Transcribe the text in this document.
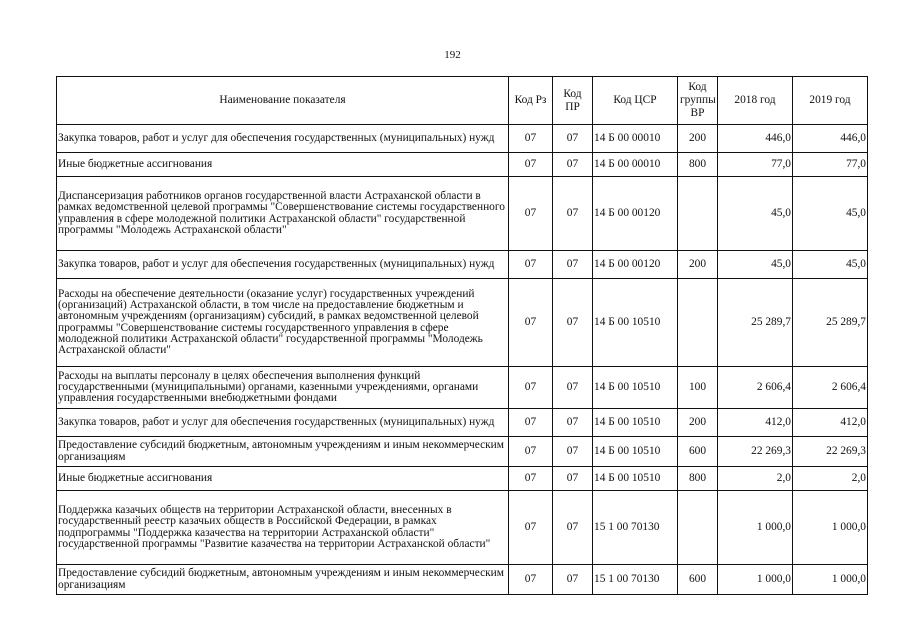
192
Наименование показателя	Код Рз	Код ПР	Код ЦСР	Код группы ВР	2018 год	2019 год
Закупка товаров, работ и услуг для обеспечения государственных (муниципальных) нужд	07	07	14 Б 00 00010	200	446,0	446,0
Иные бюджетные ассигнования	07	07	14 Б 00 00010	800	77,0	77,0
Диспансеризация работников органов государственной власти Астраханской области в рамках ведомственной целевой программы "Совершенствование системы государственного управления в сфере молодежной политики Астраханской области" государственной программы "Молодежь Астраханской области"	07	07	14 Б 00 00120		45,0	45,0
Закупка товаров, работ и услуг для обеспечения государственных (муниципальных) нужд	07	07	14 Б 00 00120	200	45,0	45,0
Расходы на обеспечение деятельности (оказание услуг) государственных учреждений (организаций) Астраханской области, в том числе на предоставление бюджетным и автономным учреждениям (организациям) субсидий, в рамках ведомственной целевой программы "Совершенствование системы государственного управления в сфере молодежной политики Астраханской области" государственной программы "Молодежь Астраханской области"	07	07	14 Б 00 10510		25 289,7	25 289,7
Расходы на выплаты персоналу в целях обеспечения выполнения функций государственными (муниципальными) органами, казенными учреждениями, органами управления государственными внебюджетными фондами	07	07	14 Б 00 10510	100	2 606,4	2 606,4
Закупка товаров, работ и услуг для обеспечения государственных (муниципальных) нужд	07	07	14 Б 00 10510	200	412,0	412,0
Предоставление субсидий бюджетным, автономным учреждениям и иным некоммерческим организациям	07	07	14 Б 00 10510	600	22 269,3	22 269,3
Иные бюджетные ассигнования	07	07	14 Б 00 10510	800	2,0	2,0
Поддержка казачьих обществ на территории Астраханской области, внесенных в государственный реестр казачьих обществ в Российской Федерации, в рамках подпрограммы "Поддержка казачества на территории Астраханской области" государственной программы "Развитие казачества на территории Астраханской области"	07	07	15 1 00 70130		1 000,0	1 000,0
Предоставление субсидий бюджетным, автономным учреждениям и иным некоммерческим организациям	07	07	15 1 00 70130	600	1 000,0	1 000,0
